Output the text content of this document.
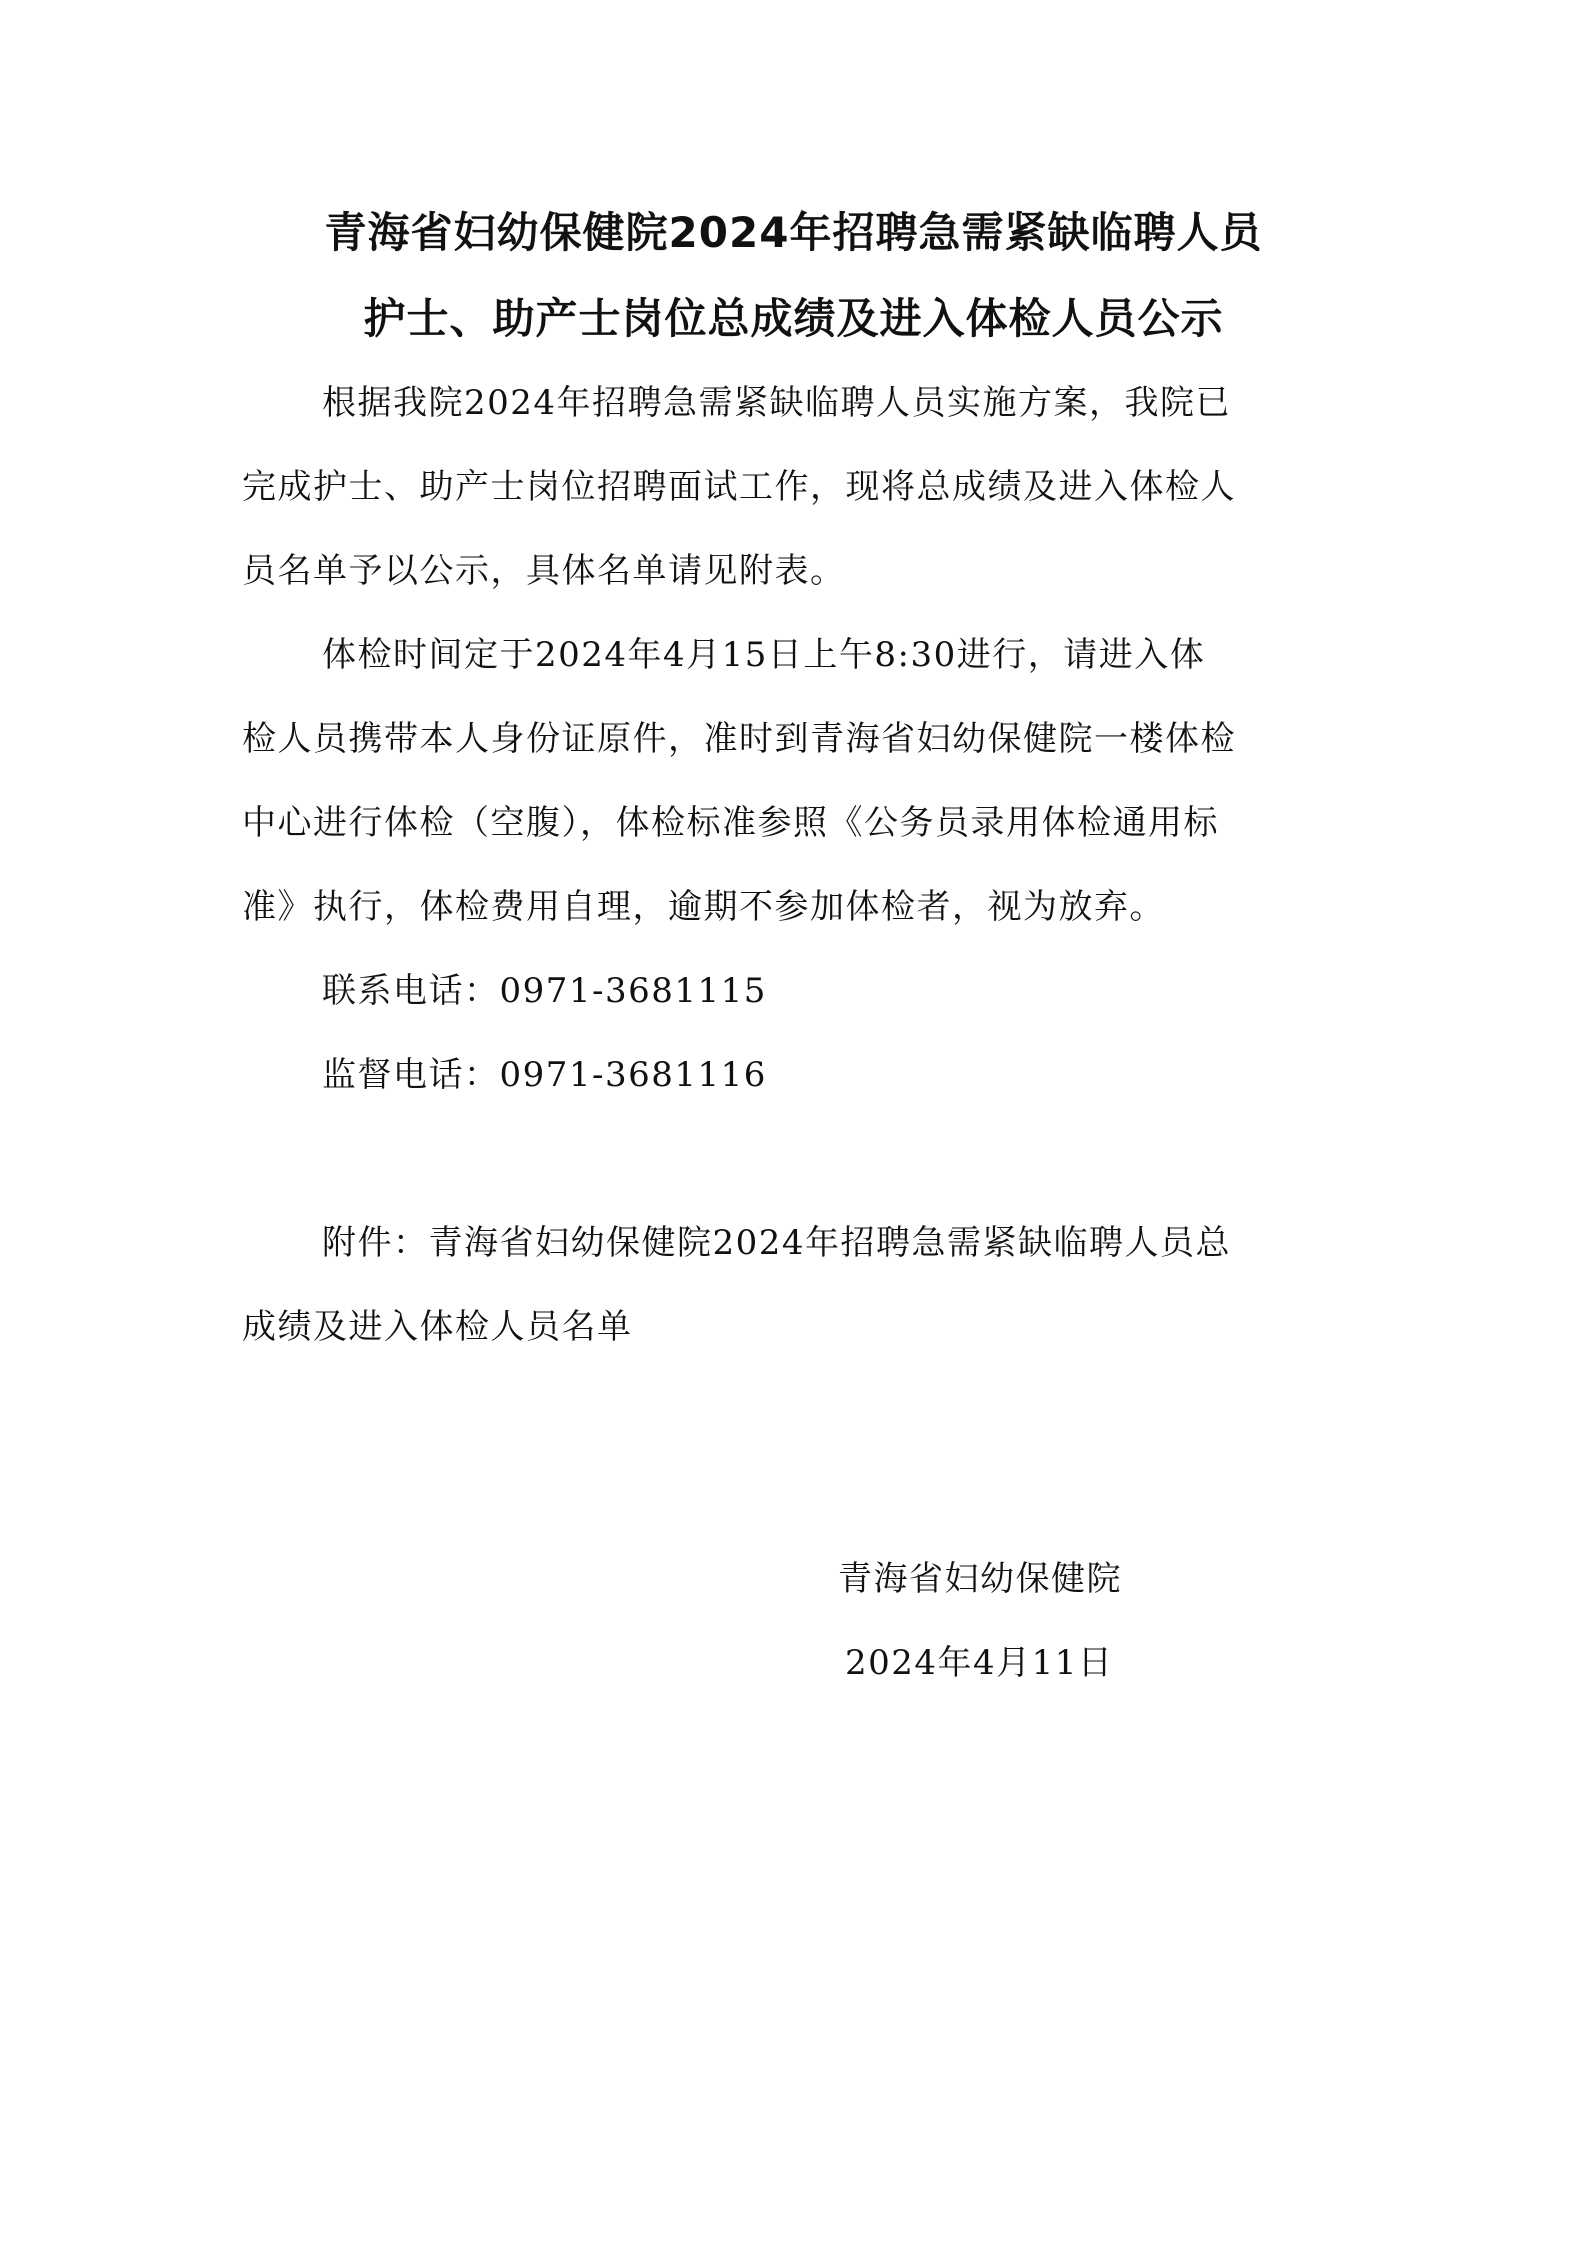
青海省妇幼保健院2024年招聘急需紧缺临聘人员
护士、助产士岗位总成绩及进入体检人员公示
根据我院2024年招聘急需紧缺临聘人员实施方案，我院已
完成护士、助产士岗位招聘面试工作，现将总成绩及进入体检人
员名单予以公示，具体名单请见附表。
体检时间定于2024年4月15日上午8:30进行，请进入体
检人员携带本人身份证原件，准时到青海省妇幼保健院一楼体检
中心进行体检（空腹），体检标准参照《公务员录用体检通用标
准》执行，体检费用自理，逾期不参加体检者，视为放弃。
联系电话：0971-3681115
监督电话：0971-3681116
附件：青海省妇幼保健院2024年招聘急需紧缺临聘人员总
成绩及进入体检人员名单
青海省妇幼保健院
2024年4月11日
